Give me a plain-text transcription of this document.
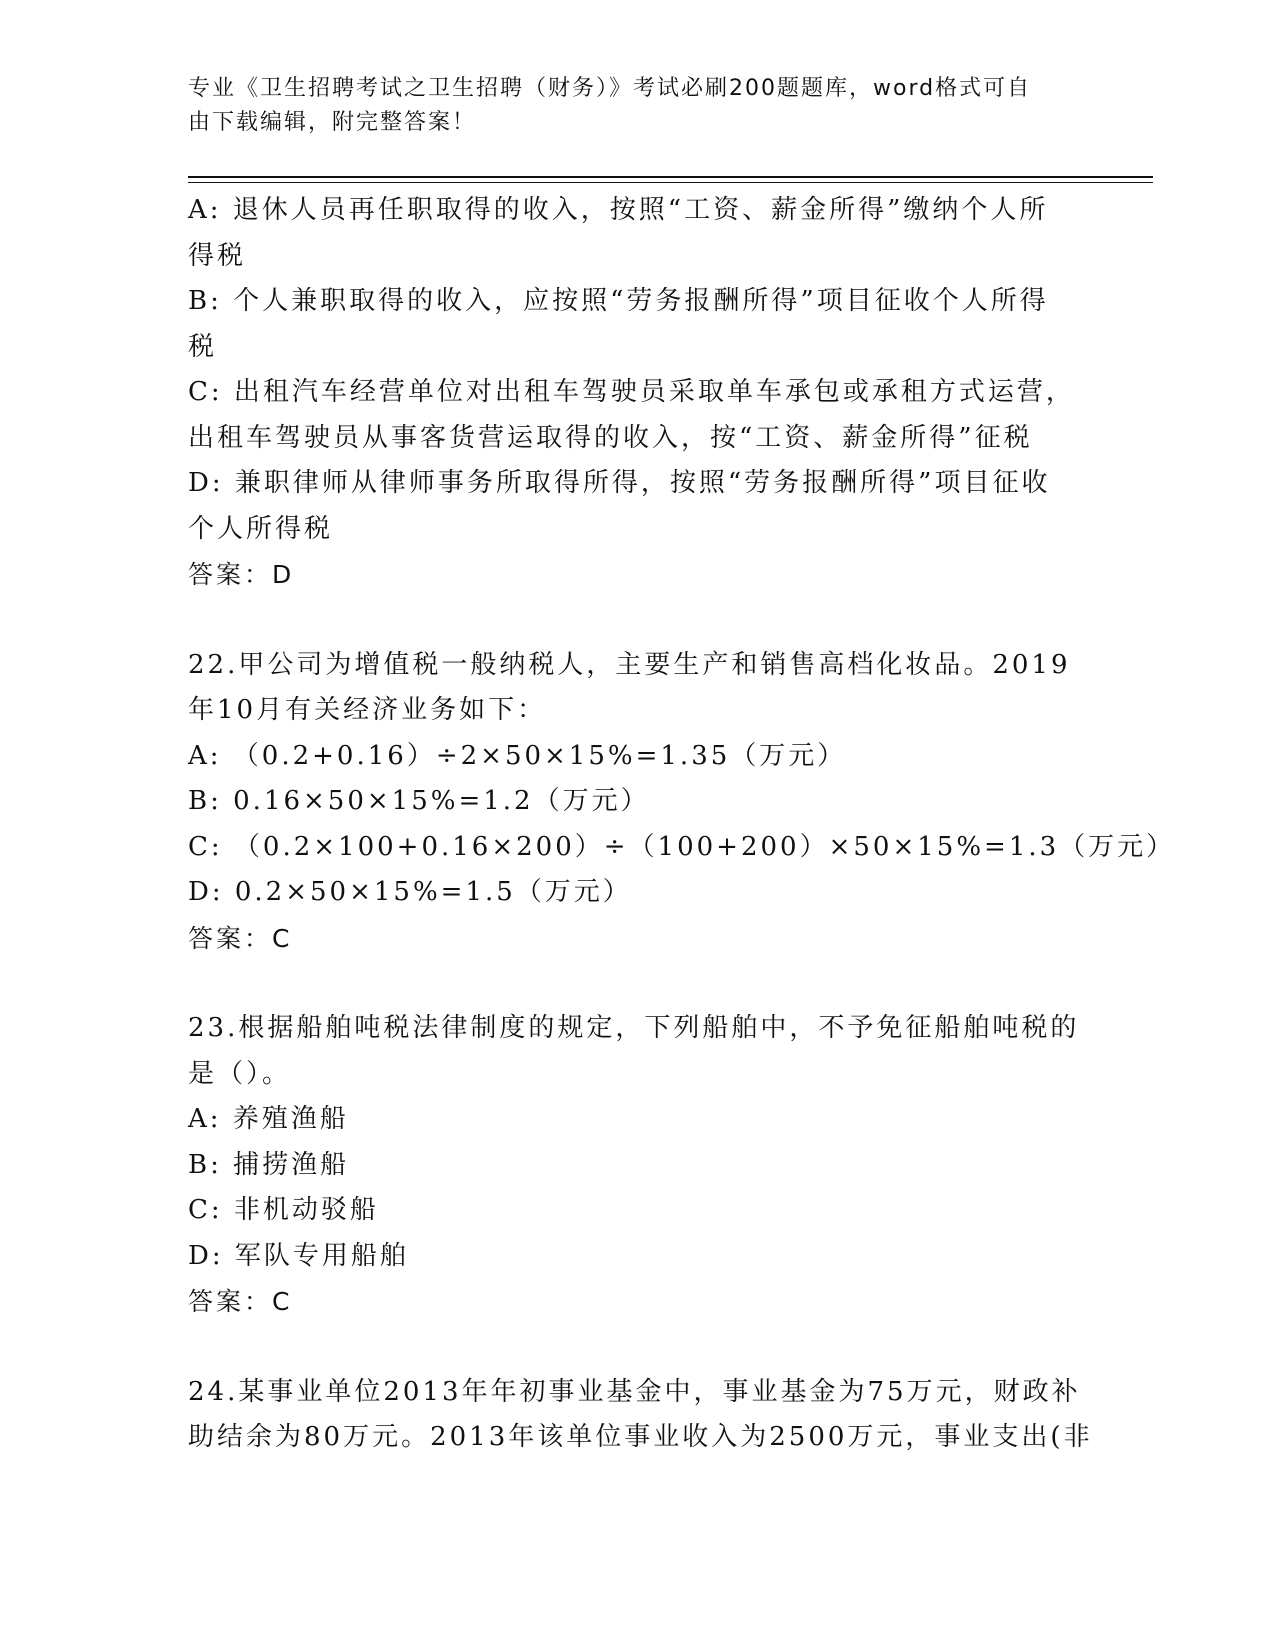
专业《卫生招聘考试之卫生招聘（财务）》考试必刷200题题库，word格式可自
由下载编辑，附完整答案！
A: 退休人员再任职取得的收入，按照“工资、薪金所得”缴纳个人所
得税
B: 个人兼职取得的收入，应按照“劳务报酬所得”项目征收个人所得
税
C: 出租汽车经营单位对出租车驾驶员采取单车承包或承租方式运营，
出租车驾驶员从事客货营运取得的收入，按“工资、薪金所得”征税
D: 兼职律师从律师事务所取得所得，按照“劳务报酬所得”项目征收
个人所得税
答案：D
22.甲公司为增值税一般纳税人，主要生产和销售高档化妆品。2019
年10月有关经济业务如下：
A: （0.2+0.16）÷2×50×15%=1.35（万元）
B: 0.16×50×15%=1.2（万元）
C: （0.2×100+0.16×200）÷（100+200）×50×15%=1.3（万元）
D: 0.2×50×15%=1.5（万元）
答案：C
23.根据船舶吨税法律制度的规定，下列船舶中，不予免征船舶吨税的
是（）。
A: 养殖渔船
B: 捕捞渔船
C: 非机动驳船
D: 军队专用船舶
答案：C
24.某事业单位2013年年初事业基金中，事业基金为75万元，财政补
助结余为80万元。2013年该单位事业收入为2500万元，事业支出(非
